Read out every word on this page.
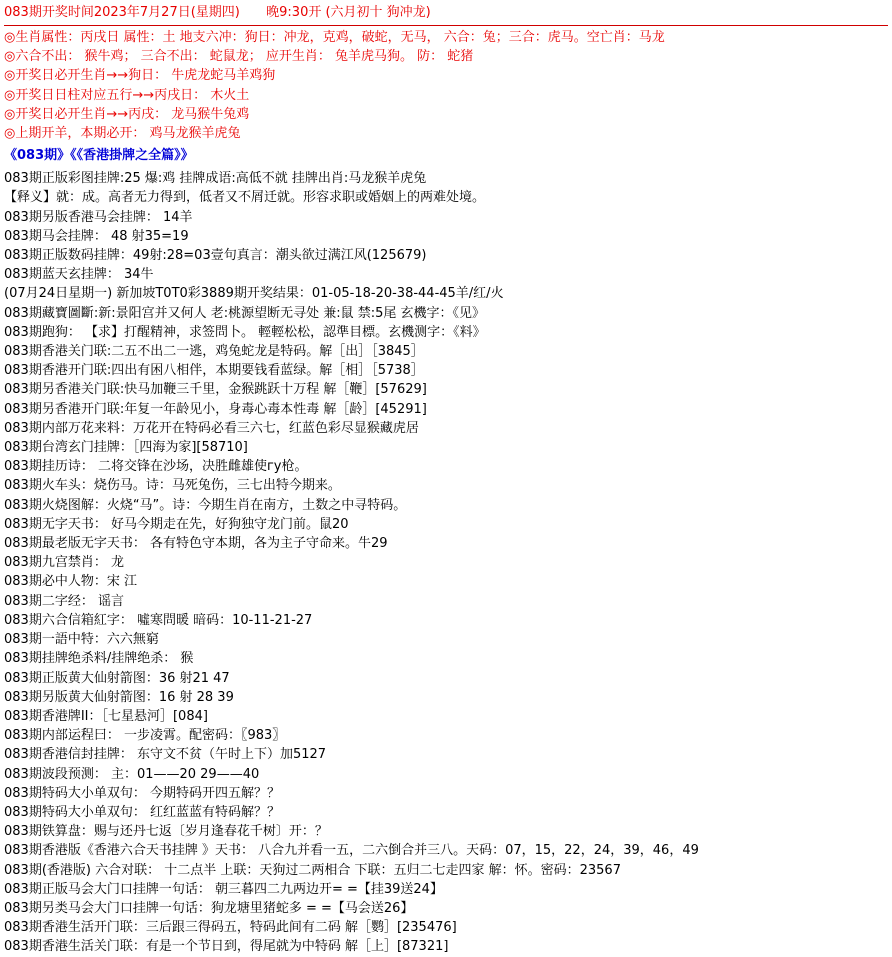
083期开奖时间2023年7月27日(星期四) 晚9:30开 (六月初十 狗冲龙)
◎生肖属性：丙戌日 属性：土 地支六冲：狗日：冲龙，克鸡，破蛇，无马， 六合：兔；三合：虎马。空亡肖：马龙
◎六合不出： 猴牛鸡； 三合不出： 蛇鼠龙； 应开生肖： 兔羊虎马狗。 防： 蛇猪
◎开奖日必开生肖→→狗日： 牛虎龙蛇马羊鸡狗
◎开奖日日柱对应五行→→丙戌日： 木火土
◎开奖日必开生肖→→丙戌： 龙马猴牛兔鸡
◎上期开羊，本期必开： 鸡马龙猴羊虎兔
《083期》《《香港掛牌之全篇》》
083期正版彩图挂牌:25 爆:鸡 挂牌成语:高低不就 挂牌出肖:马龙猴羊虎兔
【释义】就：成。高者无力得到，低者又不屑迁就。形容求职或婚姻上的两难处境。
083期另版香港马会挂牌： 14羊
083期马会挂牌： 48 射35=19
083期正版数码挂牌：49射:28=03壹句真言：潮头欲过满江风(125679)
083期蓝天玄挂牌： 34牛
(07月24日星期一) 新加坡T0T0彩3889期开奖结果：01-05-18-20-38-44-45羊/红/火
083期藏寶圖斷:新:景阳宫并又何人 老:桃源望断无寻处 兼:鼠 禁:5尾 玄機字：《见》
083期跑狗： 【求】打醒精神，求签問卜。 輕輕松松，認準目標。玄機测字：《料》
083期香港关门联:二五不出二一逃，鸡兔蛇龙是特码。解［出］［3845］
083期香港开门联:四出有困八相伴，本期要钱看蓝绿。解［相］［5738］
083期另香港关门联:快马加鞭三千里，金猴跳跃十万程 解［鞭］[57629]
083期另香港开门联:年复一年龄见小，身毒心毒本性毒 解［龄］[45291]
083期内部万花来料：万花开在特码必看三六七，红蓝色彩尽显猴藏虎居
083期台湾玄门挂牌：［四海为家][58710]
083期挂历诗： 二将交锋在沙场，决胜雌雄使гу枪。
083期火车头：烧伤马。诗：马死兔伤，三七出特今期来。
083期火烧图解：火烧“马”。诗：今期生肖在南方，土数之中寻特码。
083期无字天书： 好马今期走在先，好狗独守龙门前。鼠20
083期最老版无字天书： 各有特色守本期，各为主子守命来。牛29
083期九宫禁肖： 龙
083期必中人物：宋 江
083期二字经： 谣言
083期六合信箱紅字： 噓寒問暖 暗码：10-11-21-27
083期一語中特：六六無窮
083期挂牌绝杀料/挂牌绝杀： 猴
083期正版黄大仙射箭图：36 射21 47
083期另版黄大仙射箭图：16 射 28 39
083期香港牌II：［七星悬河］[084]
083期内部运程曰： 一步凌霄。配密码：〖983〗
083期香港信封挂牌： 东守文不贫（午时上下）加5127
083期波段预测： 主：01——20 29——40
083期特码大小单双句： 今期特码开四五解？？
083期特码大小单双句： 红红蓝蓝有特码解？？
083期铁算盘：赐与还丹七返〔岁月逢春花千树〕开：？
083期香港版《香港六合天书挂牌 》天书： 八合九并看一五，二六倒合并三八。天码：07，15，22，24，39，46，49
083期(香港版) 六合对联： 十二点半 上联：天狗过二两相合 下联：五归二七走四家 解：怀。密码：23567
083期正版马会大门口挂牌一句话： 朝三暮四二九两边开= =【挂39送24】
083期另类马会大门口挂牌一句话：狗龙塘里猪蛇多 = =【马会送26】
083期香港生活开门联：三后跟三得码五，特码此间有二码 解［鹦］[235476]
083期香港生活关门联：有是一个节日到，得尾就为中特码 解［上］[87321]
